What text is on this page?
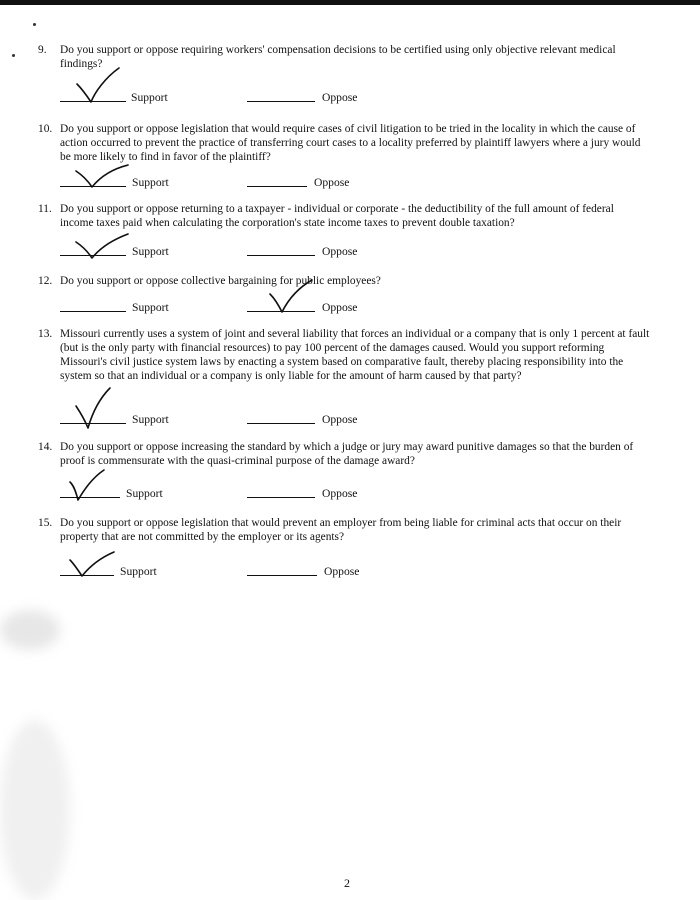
9.	Do you support or oppose requiring workers' compensation decisions to be certified using only objective relevant medical findings?
Support	Oppose
10. Do you support or oppose legislation that would require cases of civil litigation to be tried in the locality in which the cause of action occurred to prevent the practice of transferring court cases to a locality preferred by plaintiff lawyers where a jury would be more likely to find in favor of the plaintiff?
Support	Oppose
11. Do you support or oppose returning to a taxpayer - individual or corporate - the deductibility of the full amount of federal income taxes paid when calculating the corporation's state income taxes to prevent double taxation?
Support	Oppose
12. Do you support or oppose collective bargaining for public employees?
Support	Oppose
13. Missouri currently uses a system of joint and several liability that forces an individual or a company that is only 1 percent at fault (but is the only party with financial resources) to pay 100 percent of the damages caused. Would you support reforming Missouri's civil justice system laws by enacting a system based on comparative fault, thereby placing responsibility into the system so that an individual or a company is only liable for the amount of harm caused by that party?
Support	Oppose
14. Do you support or oppose increasing the standard by which a judge or jury may award punitive damages so that the burden of proof is commensurate with the quasi-criminal purpose of the damage award?
Support	Oppose
15. Do you support or oppose legislation that would prevent an employer from being liable for criminal acts that occur on their property that are not committed by the employer or its agents?
Support	Oppose
2
